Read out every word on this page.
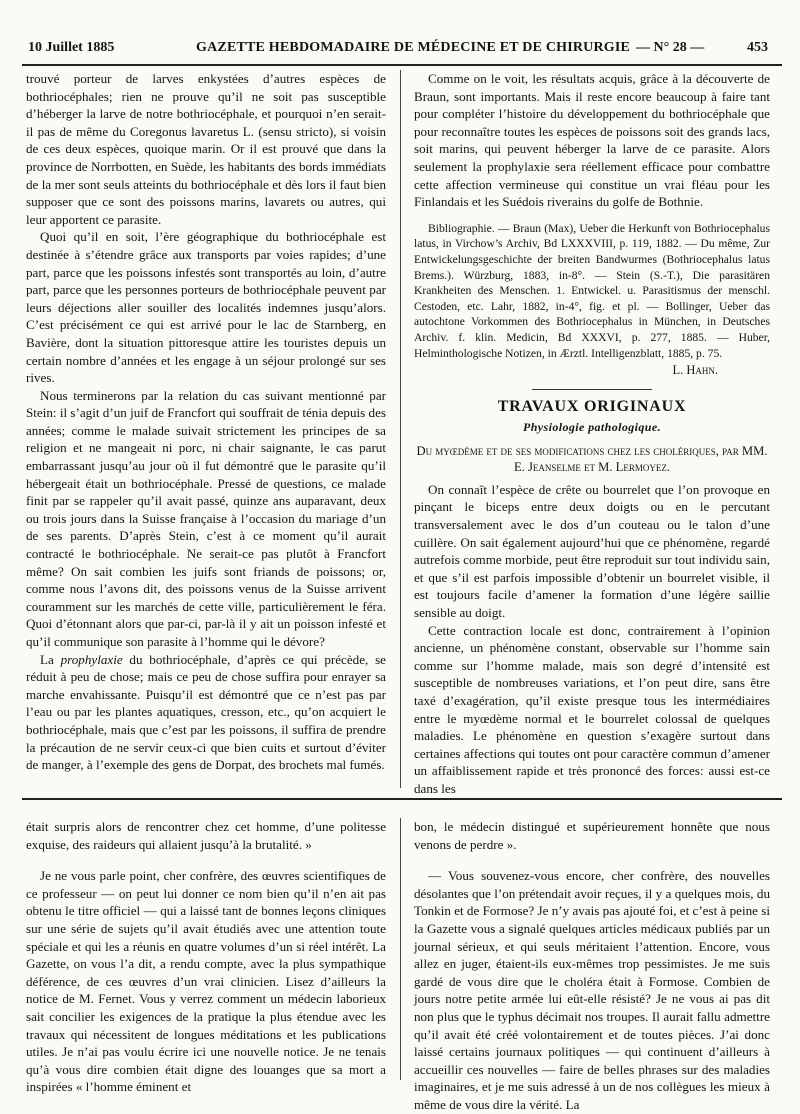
10 Juillet 1885	GAZETTE HEBDOMADAIRE DE MÉDECINE ET DE CHIRURGIE — N° 28 —	453

trouvé porteur de larves enkystées d’autres espèces de bothriocéphales; rien ne prouve qu’il ne soit pas susceptible d’héberger la larve de notre bothriocéphale, et pourquoi n’en serait-il pas de même du Coregonus lavaretus L. (sensu stricto), si voisin de ces deux espèces, quoique marin. Or il est prouvé que dans la province de Norrbotten, en Suède, les habitants des bords immédiats de la mer sont seuls atteints du bothriocéphale et dès lors il faut bien supposer que ce sont des poissons marins, lavarets ou autres, qui leur apportent ce parasite.

Quoi qu’il en soit, l’ère géographique du bothriocéphale est destinée à s’étendre grâce aux transports par voies rapides; d’une part, parce que les poissons infestés sont transportés au loin, d’autre part, parce que les personnes porteurs de bothriocéphale peuvent par leurs déjections aller souiller des localités indemnes jusqu’alors. C’est précisément ce qui est arrivé pour le lac de Starnberg, en Bavière, dont la situation pittoresque attire les touristes depuis un certain nombre d’années et les engage à un séjour prolongé sur ses rives.

Nous terminerons par la relation du cas suivant mentionné par Stein: il s’agit d’un juif de Francfort qui souffrait de ténia depuis des années; comme le malade suivait strictement les principes de sa religion et ne mangeait ni porc, ni chair saignante, le cas parut embarrassant jusqu’au jour où il fut démontré que le parasite qu’il hébergeait était un bothriocéphale. Pressé de questions, ce malade finit par se rappeler qu’il avait passé, quinze ans auparavant, deux ou trois jours dans la Suisse française à l’occasion du mariage d’un de ses parents. D’après Stein, c’est à ce moment qu’il aurait contracté le bothriocéphale. Ne serait-ce pas plutôt à Francfort même? On sait combien les juifs sont friands de poissons; or, comme nous l’avons dit, des poissons venus de la Suisse arrivent couramment sur les marchés de cette ville, particulièrement le féra. Quoi d’étonnant alors que par-ci, par-là il y ait un poisson infesté et qu’il communique son parasite à l’homme qui le dévore?

La prophylaxie du bothriocéphale, d’après ce qui précède, se réduit à peu de chose; mais ce peu de chose suffira pour enrayer sa marche envahissante. Puisqu’il est démontré que ce n’est pas par l’eau ou par les plantes aquatiques, cresson, etc., qu’on acquiert le bothriocéphale, mais que c’est par les poissons, il suffira de prendre la précaution de ne servir ceux-ci que bien cuits et surtout d’éviter de manger, à l’exemple des gens de Dorpat, des brochets mal fumés.

Comme on le voit, les résultats acquis, grâce à la découverte de Braun, sont importants. Mais il reste encore beaucoup à faire tant pour compléter l’histoire du développement du bothriocéphale que pour reconnaître toutes les espèces de poissons soit des grands lacs, soit marins, qui peuvent héberger la larve de ce parasite. Alors seulement la prophylaxie sera réellement efficace pour combattre cette affection vermineuse qui constitue un vrai fléau pour les Finlandais et les Suédois riverains du golfe de Bothnie.

Bibliographie. — Braun (Max), Ueber die Herkunft von Bothriocephalus latus, in Virchow’s Archiv, Bd LXXXVIII, p. 119, 1882. — Du même, Zur Entwickelungsgeschichte der breiten Bandwurmes (Bothriocephalus latus Brems.). Würzburg, 1883, in-8°. — Stein (S.-T.), Die parasitären Krankheiten des Menschen. 1. Entwickel. u. Parasitismus der menschl. Cestoden, etc. Lahr, 1882, in-4°, fig. et pl. — Bollinger, Ueber das autochtone Vorkommen des Bothriocephalus in München, in Deutsches Archiv. f. klin. Medicin, Bd XXXVI, p. 277, 1885. — Huber, Helminthologische Notizen, in Ærztl. Intelligenzblatt, 1885, p. 75.

L. Hahn.
TRAVAUX ORIGINAUX
Physiologie pathologique.
Du myœdème et de ses modifications chez les cholériques, par MM. E. Jeanselme et M. Lermoyez.

On connaît l’espèce de crête ou bourrelet que l’on provoque en pinçant le biceps entre deux doigts ou en le percutant transversalement avec le dos d’un couteau ou le talon d’une cuillère. On sait également aujourd’hui que ce phénomène, regardé autrefois comme morbide, peut être reproduit sur tout individu sain, et que s’il est parfois impossible d’obtenir un bourrelet visible, il est toujours facile d’amener la formation d’une légère saillie sensible au doigt.

Cette contraction locale est donc, contrairement à l’opinion ancienne, un phénomène constant, observable sur l’homme sain comme sur l’homme malade, mais son degré d’intensité est susceptible de nombreuses variations, et l’on peut dire, sans être taxé d’exagération, qu’il existe presque tous les intermédiaires entre le myœdème normal et le bourrelet colossal de quelques maladies. Le phénomène en question s’exagère surtout dans certaines affections qui toutes ont pour caractère commun d’amener un affaiblissement rapide et très prononcé des forces: aussi est-ce dans les

était surpris alors de rencontrer chez cet homme, d’une politesse exquise, des raideurs qui allaient jusqu’à la brutalité. »

Je ne vous parle point, cher confrère, des œuvres scientifiques de ce professeur — on peut lui donner ce nom bien qu’il n’en ait pas obtenu le titre officiel — qui a laissé tant de bonnes leçons cliniques sur une série de sujets qu’il avait étudiés avec une attention toute spéciale et qui les a réunis en quatre volumes d’un si réel intérêt. La Gazette, on vous l’a dit, a rendu compte, avec la plus sympathique déférence, de ces œuvres d’un vrai clinicien. Lisez d’ailleurs la notice de M. Fernet. Vous y verrez comment un médecin laborieux sait concilier les exigences de la pratique la plus étendue avec les travaux qui nécessitent de longues méditations et les publications utiles. Je n’ai pas voulu écrire ici une nouvelle notice. Je ne tenais qu’à vous dire combien était digne des louanges que sa mort a inspirées « l’homme éminent et

bon, le médecin distingué et supérieurement honnête que nous venons de perdre ».

— Vous souvenez-vous encore, cher confrère, des nouvelles désolantes que l’on prétendait avoir reçues, il y a quelques mois, du Tonkin et de Formose? Je n’y avais pas ajouté foi, et c’est à peine si la Gazette vous a signalé quelques articles médicaux publiés par un journal sérieux, et qui seuls méritaient l’attention. Encore, vous allez en juger, étaient-ils eux-mêmes trop pessimistes. Je me suis gardé de vous dire que le choléra était à Formose. Combien de jours notre petite armée lui eût-elle résisté? Je ne vous ai pas dit non plus que le typhus décimait nos troupes. Il aurait fallu admettre qu’il avait été créé volontairement et de toutes pièces. J’ai donc laissé certains journaux politiques — qui continuent d’ailleurs à accueillir ces nouvelles — faire de belles phrases sur des maladies imaginaires, et je me suis adressé à un de nos collègues les mieux à même de vous dire la vérité. La
